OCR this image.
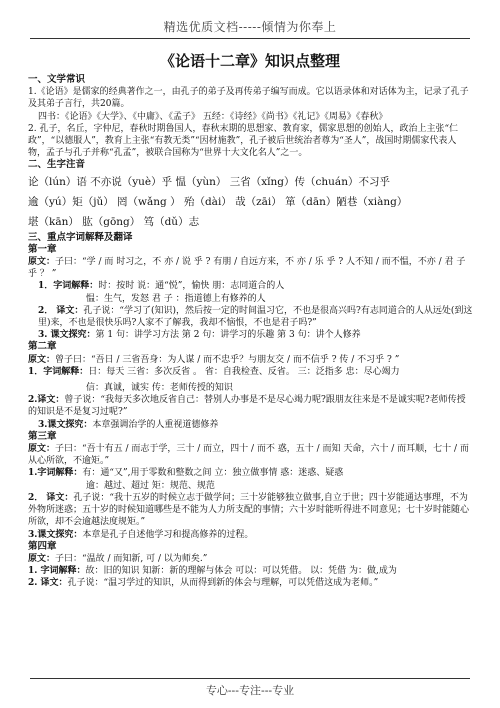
精选优质文档-----倾情为你奉上
《论语十二章》知识点整理

一、文学常识

1.《论语》是儒家的经典著作之一，由孔子的弟子及再传弟子编写而成。它以语录体和对话体为主，记录了孔子及其弟子言行，共20篇。

四书：《论语》《大学》、《中庸》、《孟子》 五经：《诗经》《尚书》《礼记》《周易》《春秋》

2. 孔子，名丘，字仲尼，春秋时期鲁国人，春秋末期的思想家、教育家，儒家思想的创始人，政治上主张“仁政”，“以德服人”，教育上主张“有教无类”“因材施教”，孔子被后世统治者尊为“圣人”，战国时期儒家代表人物，孟子与孔子并称“孔孟”，被联合国称为“世界十大文化名人”之一。

二、生字注音

论（lún）语 不亦说（yuè）乎 愠（yùn） 三省（xǐng）传（chuán）不习乎

逾（yú）矩（jǔ） 罔（wǎng ） 殆（dài） 哉（zāi） 箪（dān）陋巷（xiàng）

堪（kān） 肱（gōng） 笃（dǔ）志

三、重点字词解释及翻译

第一章

原文：子曰：“学 / 而 时习之，不 亦 / 说 乎 ? 有朋 / 自远方来，不 亦 / 乐 乎 ? 人不知 / 而不愠，不亦 / 君 子 乎 ？ ”

1．字词解释：时：按时 说：通“悦”，愉快 朋：志同道合的人

愠：生气，发怒 君 子 ：指道德上有修养的人

2． 译文：孔子说：“学习了(知识)，然后按一定的时间温习它，不也是很高兴吗?有志同道合的人从远处(到这里)来，不也是很快乐吗?人家不了解我，我却不恼恨，不也是君子吗?”

3. 课文探究：第 1 句：讲学习方法 第 2 句：讲学习的乐趣 第 3 句：讲个人修养

第二章

原文：曾子曰：“吾日 / 三省吾身：为人谋 / 而不忠乎？与朋友交 / 而不信乎 ? 传 / 不习乎 ? ”

1．字词解释：日：每天 三省：多次反省 。 省：自我检查、反省。 三：泛指多 忠：尽心竭力

信：真诚，诚实 传：老师传授的知识

2.译文：曾子说：“我每天多次地反省自己：替别人办事是不是尽心竭力呢?跟朋友往来是不是诚实呢?老师传授的知识是不是复习过呢?”

3.课文探究：本章强调治学的人重视道德修养

第三章

原文：子曰：“吾十有五 / 而志于学，三十 / 而立，四十 / 而不 惑，五十 / 而知 天命，六十 / 而耳顺，七十 / 而从心所欲，不逾矩。”

1.字词解释：有：通“又”,用于零数和整数之间 立：独立做事情 惑：迷惑、疑惑

逾：越过、超过 矩：规范、规范

2． 译文：孔子说：“我十五岁的时候立志于做学问；三十岁能够独立做事,自立于世；四十岁能通达事理，不为外物所迷惑；五十岁的时候知道哪些是不能为人力所支配的事情；六十岁时能听得进不同意见；七十岁时能随心所欲，却不会逾越法度规矩。”

3.课文探究：本章是孔子自述他学习和提高修养的过程。

第四章

原文：子曰：“温故 / 而知新, 可 / 以为师矣.”

1. 字词解释：故：旧的知识 知新：新的理解与体会 可以：可以凭借。 以：凭借 为：做,成为

2. 译文：孔子说：“温习学过的知识，从而得到新的体会与理解，可以凭借这成为老师。”

专心---专注---专业
